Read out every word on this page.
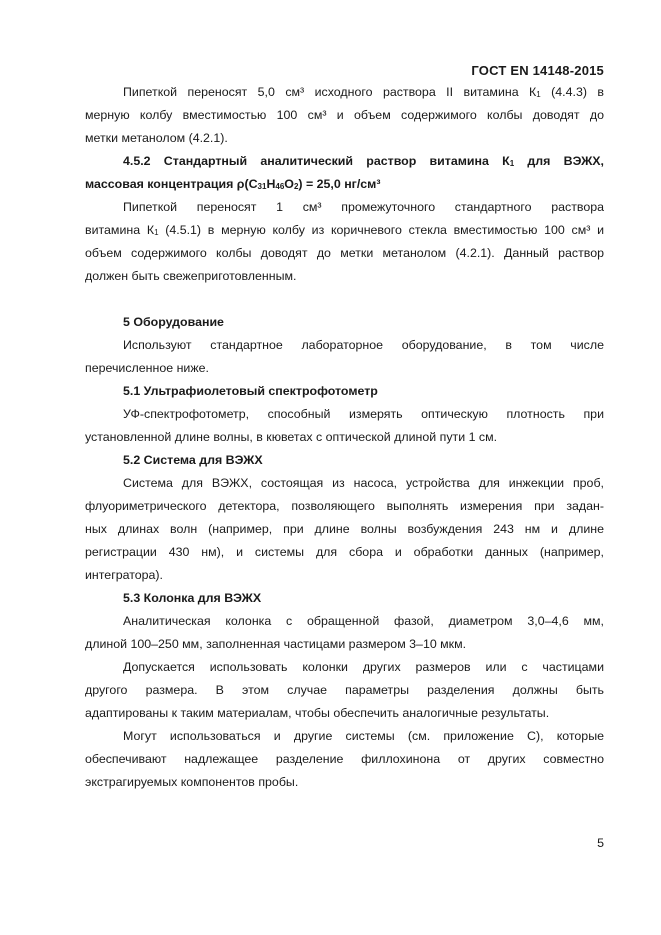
ГОСТ EN 14148-2015
Пипеткой переносят 5,0 см³ исходного раствора II витамина $К_1$ (4.4.3) в
мерную колбу вместимостью 100 см³ и объем содержимого колбы доводят до
метки метанолом (4.2.1).
4.5.2 Стандартный аналитический раствор витамина $К_1$ для ВЭЖХ,
массовая концентрация $\rho(С_{31}Н_{46}О_2) = 25,0$ нг/см³
Пипеткой переносят 1 см³ промежуточного стандартного раствора
витамина $К_1$ (4.5.1) в мерную колбу из коричневого стекла вместимостью 100 см³ и
объем содержимого колбы доводят до метки метанолом (4.2.1). Данный раствор
должен быть свежеприготовленным.
5 Оборудование
Используют стандартное лабораторное оборудование, в том числе
перечисленное ниже.
5.1 Ультрафиолетовый спектрофотометр
УФ-спектрофотометр, способный измерять оптическую плотность при
установленной длине волны, в кюветах с оптической длиной пути 1 см.
5.2 Система для ВЭЖХ
Система для ВЭЖХ, состоящая из насоса, устройства для инжекции проб,
флуориметрического детектора, позволяющего выполнять измерения при задан-
ных длинах волн (например, при длине волны возбуждения 243 нм и длине
регистрации 430 нм), и системы для сбора и обработки данных (например,
интегратора).
5.3 Колонка для ВЭЖХ
Аналитическая колонка с обращенной фазой, диаметром 3,0–4,6 мм,
длиной 100–250 мм, заполненная частицами размером 3–10 мкм.
Допускается использовать колонки других размеров или с частицами
другого размера. В этом случае параметры разделения должны быть
адаптированы к таким материалам, чтобы обеспечить аналогичные результаты.
Могут использоваться и другие системы (см. приложение С), которые
обеспечивают надлежащее разделение филлохинона от других совместно
экстрагируемых компонентов пробы.
5
